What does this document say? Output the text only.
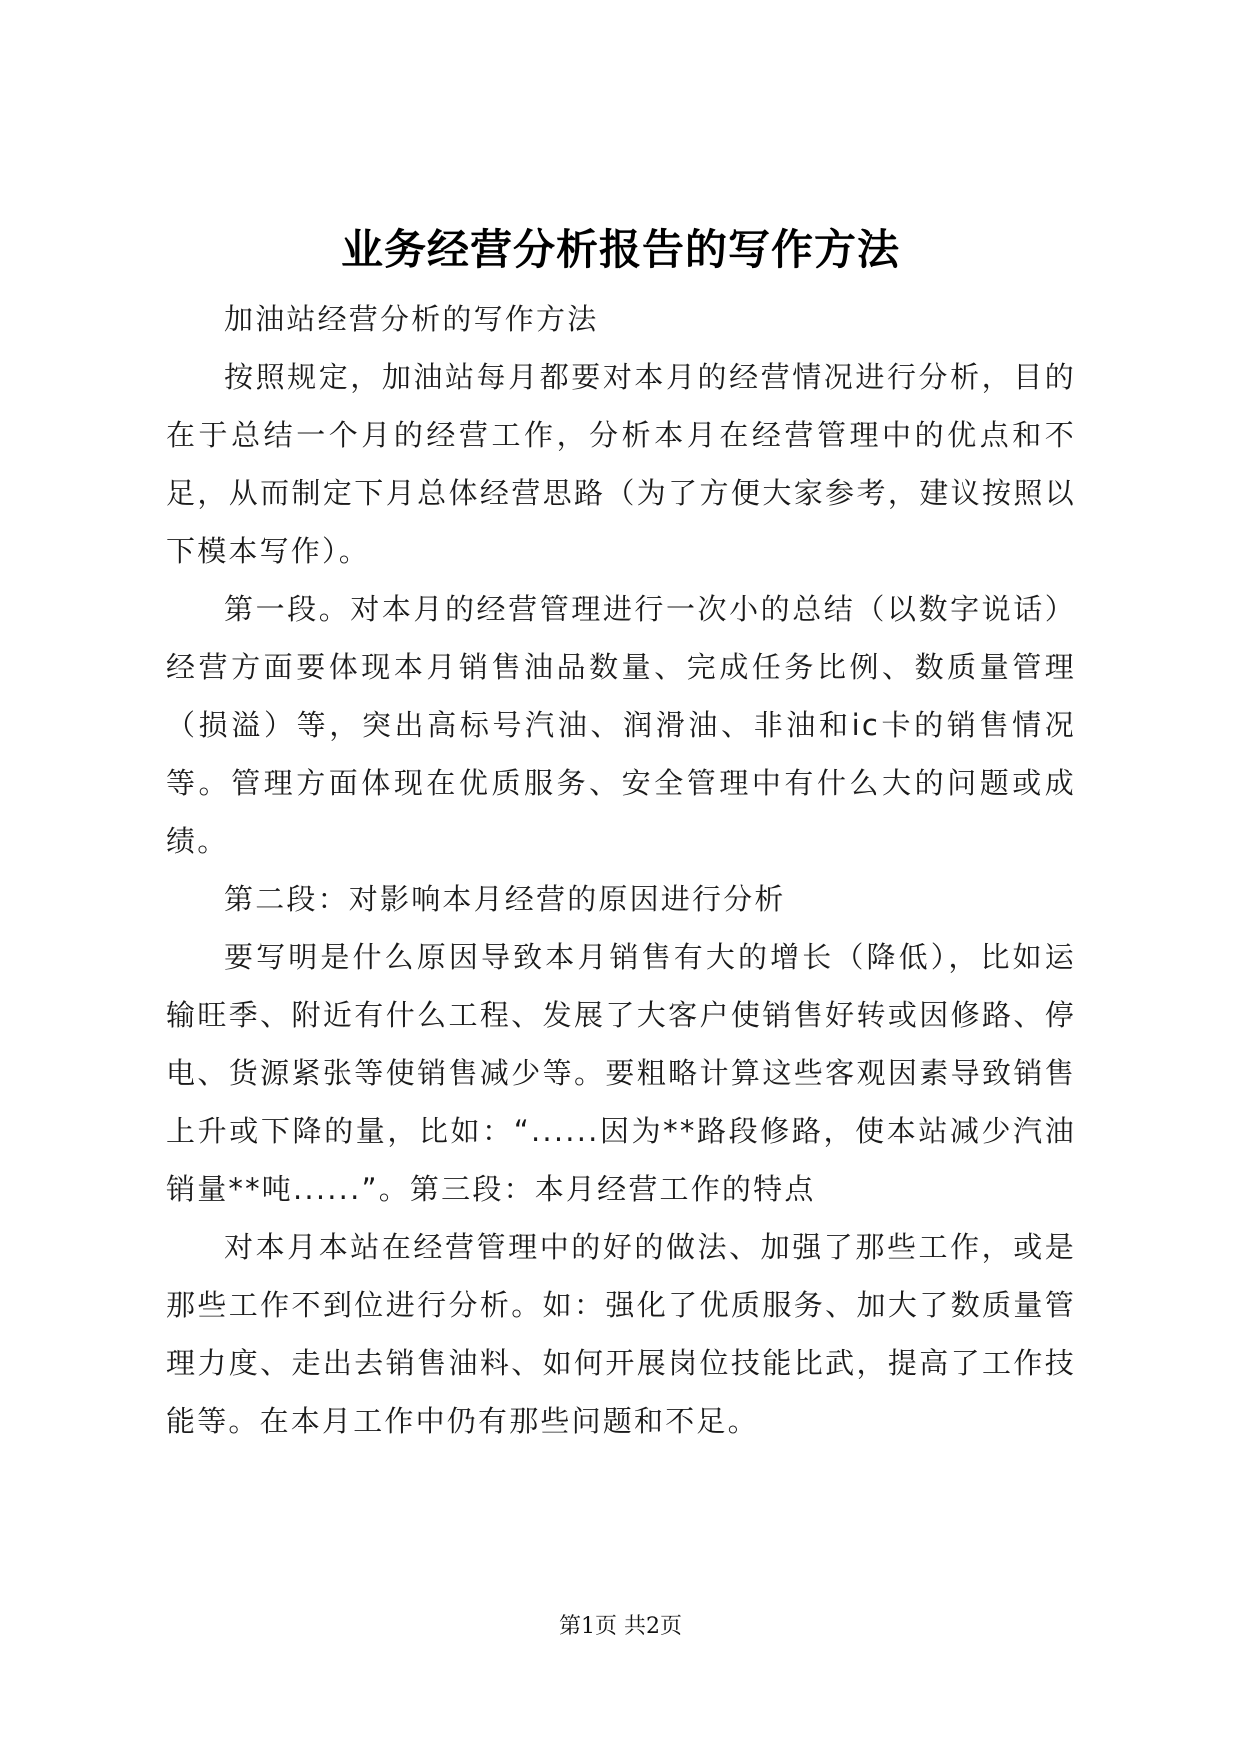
业务经营分析报告的写作方法

加油站经营分析的写作方法

按照规定，加油站每月都要对本月的经营情况进行分析，目的在于总结一个月的经营工作，分析本月在经营管理中的优点和不足，从而制定下月总体经营思路（为了方便大家参考，建议按照以下模本写作）。

第一段。对本月的经营管理进行一次小的总结（以数字说话）经营方面要体现本月销售油品数量、完成任务比例、数质量管理（损溢）等，突出高标号汽油、润滑油、非油和ic卡的销售情况等。管理方面体现在优质服务、安全管理中有什么大的问题或成绩。

第二段：对影响本月经营的原因进行分析

要写明是什么原因导致本月销售有大的增长（降低），比如运输旺季、附近有什么工程、发展了大客户使销售好转或因修路、停电、货源紧张等使销售减少等。要粗略计算这些客观因素导致销售上升或下降的量，比如：“......因为**路段修路，使本站减少汽油销量**吨......”。第三段：本月经营工作的特点

对本月本站在经营管理中的好的做法、加强了那些工作，或是那些工作不到位进行分析。如：强化了优质服务、加大了数质量管理力度、走出去销售油料、如何开展岗位技能比武，提高了工作技能等。在本月工作中仍有那些问题和不足。

第1页 共2页
